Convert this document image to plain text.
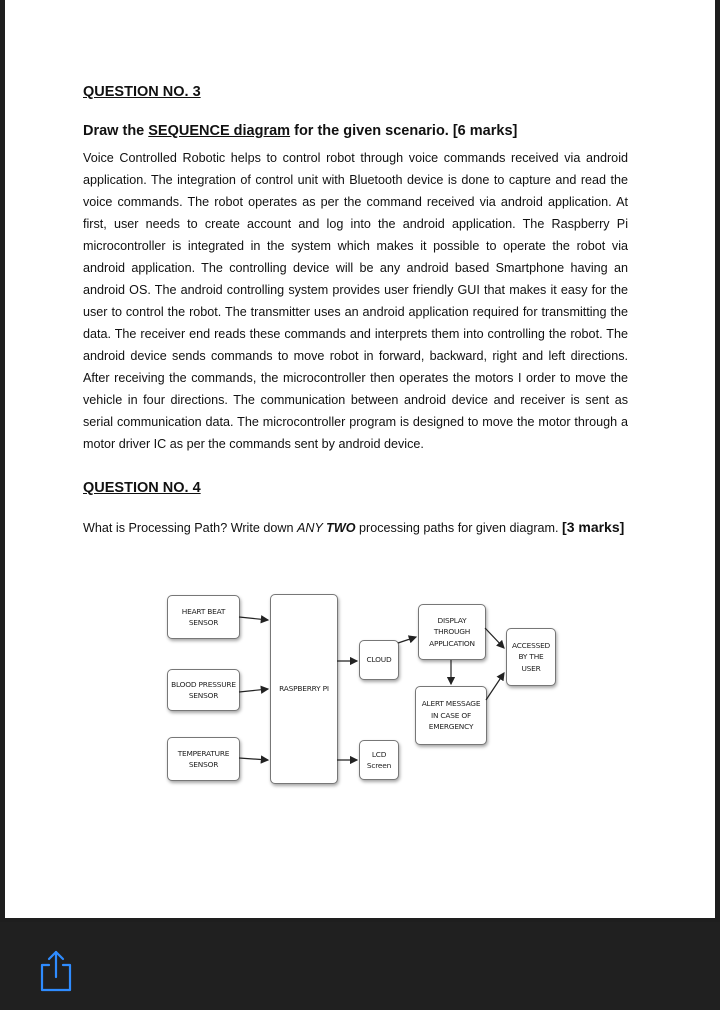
QUESTION NO. 3
Draw the SEQUENCE diagram for the given scenario. [6 marks]
Voice Controlled Robotic helps to control robot through voice commands received via android application. The integration of control unit with Bluetooth device is done to capture and read the voice commands. The robot operates as per the command received via android application. At first, user needs to create account and log into the android application. The Raspberry Pi microcontroller is integrated in the system which makes it possible to operate the robot via android application. The controlling device will be any android based Smartphone having an android OS. The android controlling system provides user friendly GUI that makes it easy for the user to control the robot. The transmitter uses an android application required for transmitting the data. The receiver end reads these commands and interprets them into controlling the robot. The android device sends commands to move robot in forward, backward, right and left directions. After receiving the commands, the microcontroller then operates the motors I order to move the vehicle in four directions. The communication between android device and receiver is sent as serial communication data. The microcontroller program is designed to move the motor through a motor driver IC as per the commands sent by android device.
QUESTION NO. 4
What is Processing Path? Write down ANY TWO processing paths for given diagram. [3 marks]
HEART BEAT
SENSOR
BLOOD PRESSURE
SENSOR
TEMPERATURE
SENSOR
RASPBERRY PI
CLOUD
LCD
Screen
DISPLAY
THROUGH
APPLICATION
ALERT MESSAGE
IN CASE OF
EMERGENCY
ACCESSED
BY THE
USER
